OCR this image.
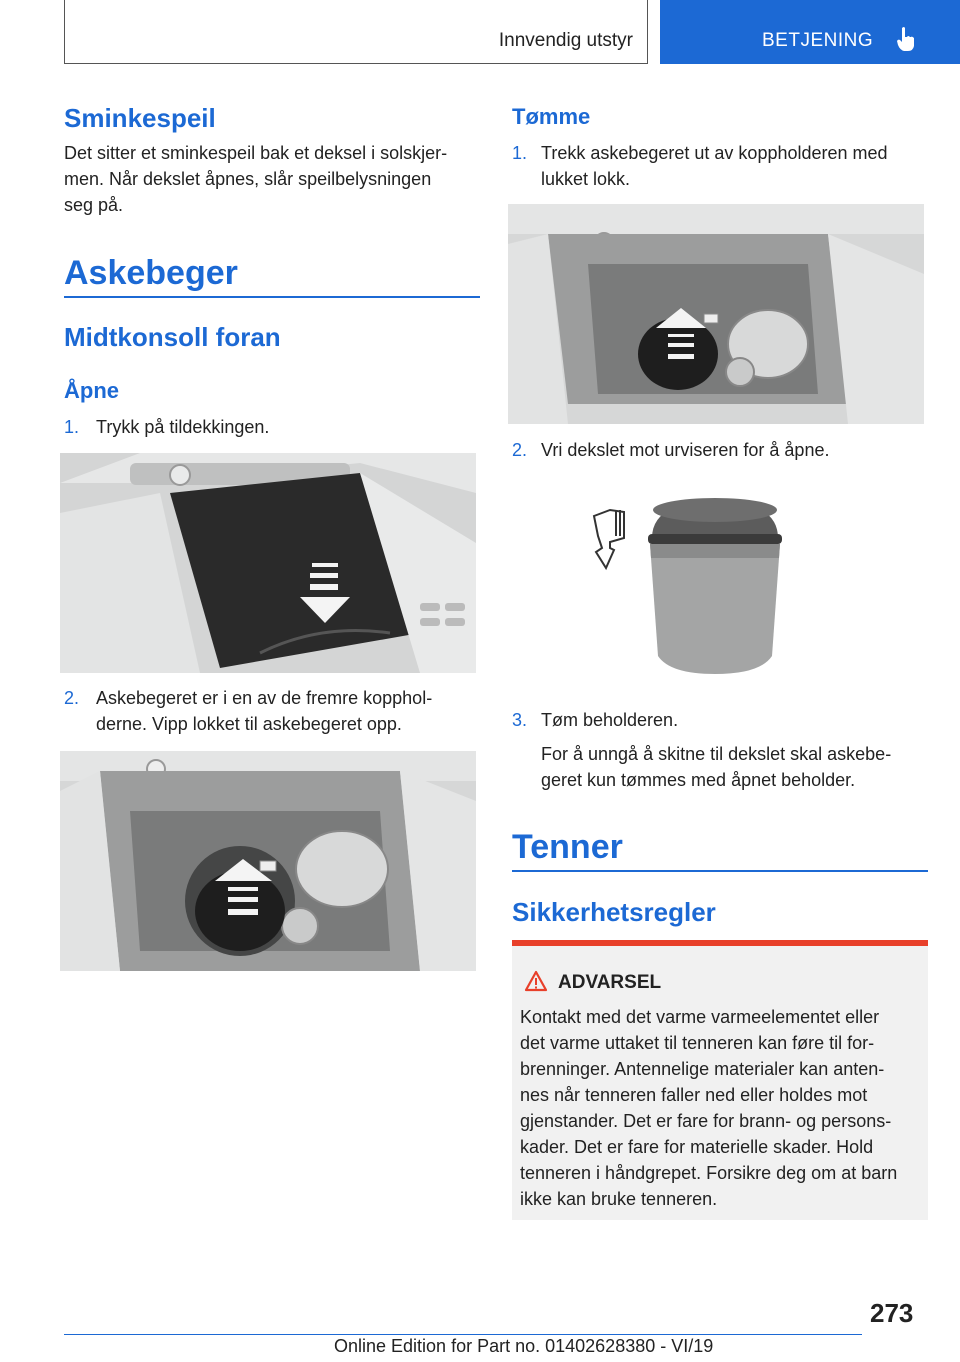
Innvendig utstyr	BETJENING
Sminkespeil
Det sitter et sminkespeil bak et deksel i solskjer-
men. Når dekslet åpnes, slår speilbelysningen
seg på.
Askebeger
Midtkonsoll foran
Åpne
1. Trykk på tildekkingen.
2. Askebegeret er i en av de fremre kopphol-
derne. Vipp lokket til askebegeret opp.
Tømme
1. Trekk askebegeret ut av koppholderen med
lukket lokk.
2. Vri dekslet mot urviseren for å åpne.
3. Tøm beholderen.
For å unngå å skitne til dekslet skal askebe-
geret kun tømmes med åpnet beholder.
Tenner
Sikkerhetsregler
ADVARSEL
Kontakt med det varme varmeelementet eller
det varme uttaket til tenneren kan føre til for-
brenninger. Antennelige materialer kan anten-
nes når tenneren faller ned eller holdes mot
gjenstander. Det er fare for brann- og persons-
kader. Det er fare for materielle skader. Hold
tenneren i håndgrepet. Forsikre deg om at barn
ikke kan bruke tenneren.
273
Online Edition for Part no. 01402628380 - VI/19
